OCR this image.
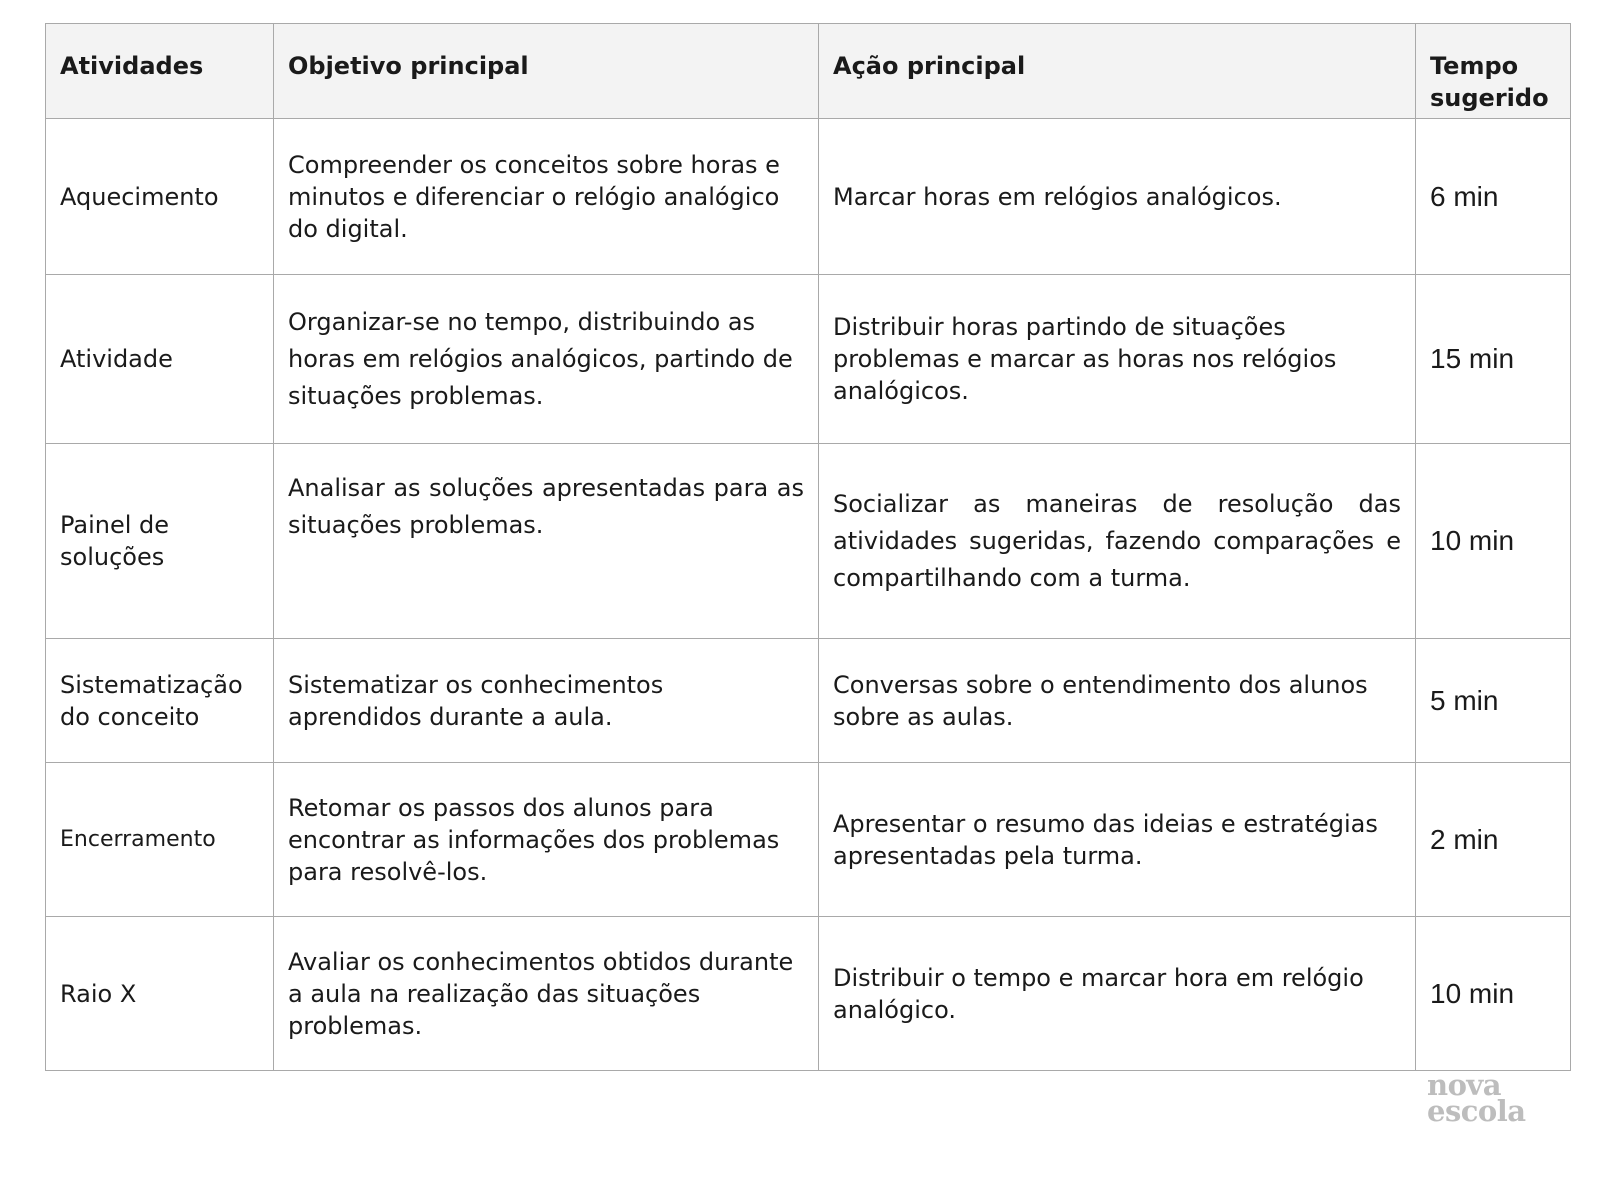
Atividades	Objetivo principal	Ação principal	Tempo sugerido
Aquecimento	Compreender os conceitos sobre horas e minutos e diferenciar o relógio analógico do digital.	Marcar horas em relógios analógicos.	6 min
Atividade	Organizar-se no tempo, distribuindo as horas em relógios analógicos, partindo de situações problemas.	Distribuir horas partindo de situações problemas e marcar as horas nos relógios analógicos.	15 min
Painel de soluções	Analisar as soluções apresentadas para as situações problemas.	Socializar as maneiras de resolução das atividades sugeridas, fazendo comparações e compartilhando com a turma.	10 min
Sistematização do conceito	Sistematizar os conhecimentos aprendidos durante a aula.	Conversas sobre o entendimento dos alunos sobre as aulas.	5 min
Encerramento	Retomar os passos dos alunos para encontrar as informações dos problemas para resolvê-los.	Apresentar o resumo das ideias e estratégias apresentadas pela turma.	2 min
Raio X	Avaliar os conhecimentos obtidos durante a aula na realização das situações problemas.	Distribuir o tempo e marcar hora em relógio analógico.	10 min
nova
escola
